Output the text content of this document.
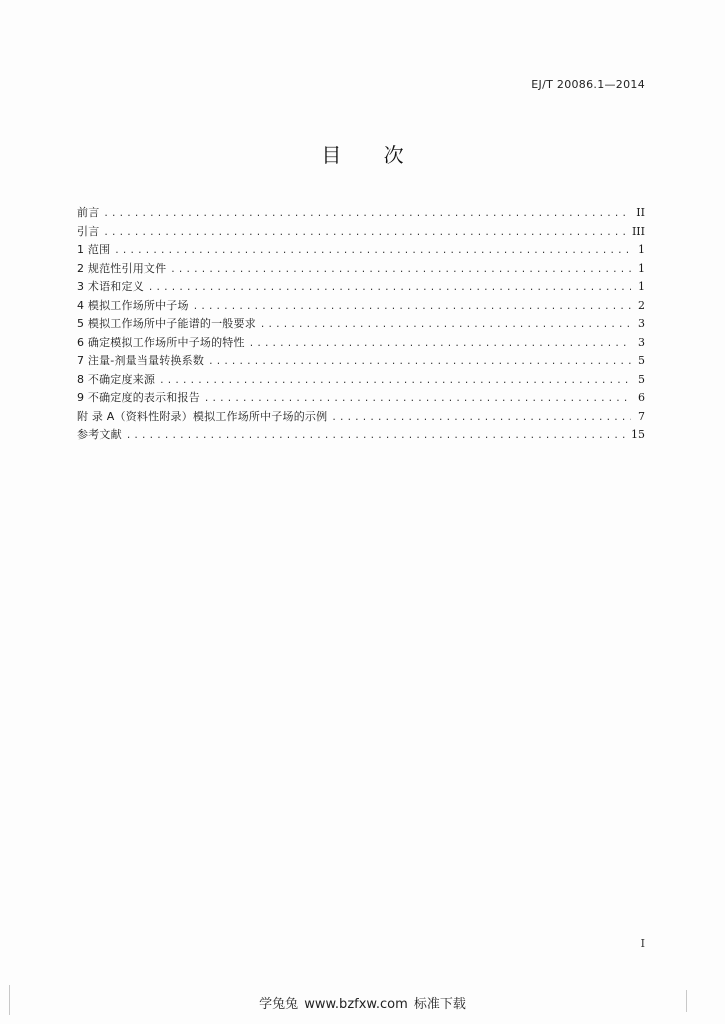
EJ/T 20086.1—2014
目 次
前言 .....	II
引言 .....	III
1 范围 .....	1
2 规范性引用文件 .....	1
3 术语和定义 .....	1
4 模拟工作场所中子场 .....	2
5 模拟工作场所中子能谱的一般要求 .....	3
6 确定模拟工作场所中子场的特性 .....	3
7 注量-剂量当量转换系数 .....	5
8 不确定度来源 .....	5
9 不确定度的表示和报告 .....	6
附 录 A（资料性附录）模拟工作场所中子场的示例 .....	7
参考文献 .....	15
I
学兔兔 www.bzfxw.com 标准下载
